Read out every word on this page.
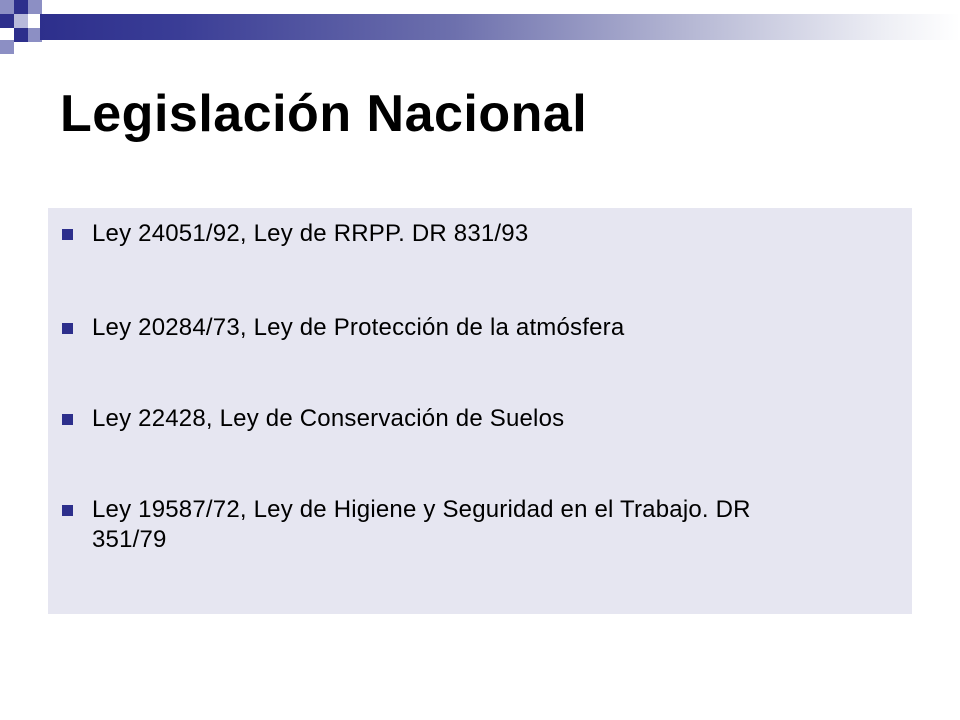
Legislación Nacional
Ley 24051/92, Ley de RRPP. DR 831/93
Ley 20284/73, Ley de Protección de la atmósfera
Ley 22428, Ley de Conservación de Suelos
Ley 19587/72, Ley de Higiene y Seguridad en el Trabajo. DR 351/79
